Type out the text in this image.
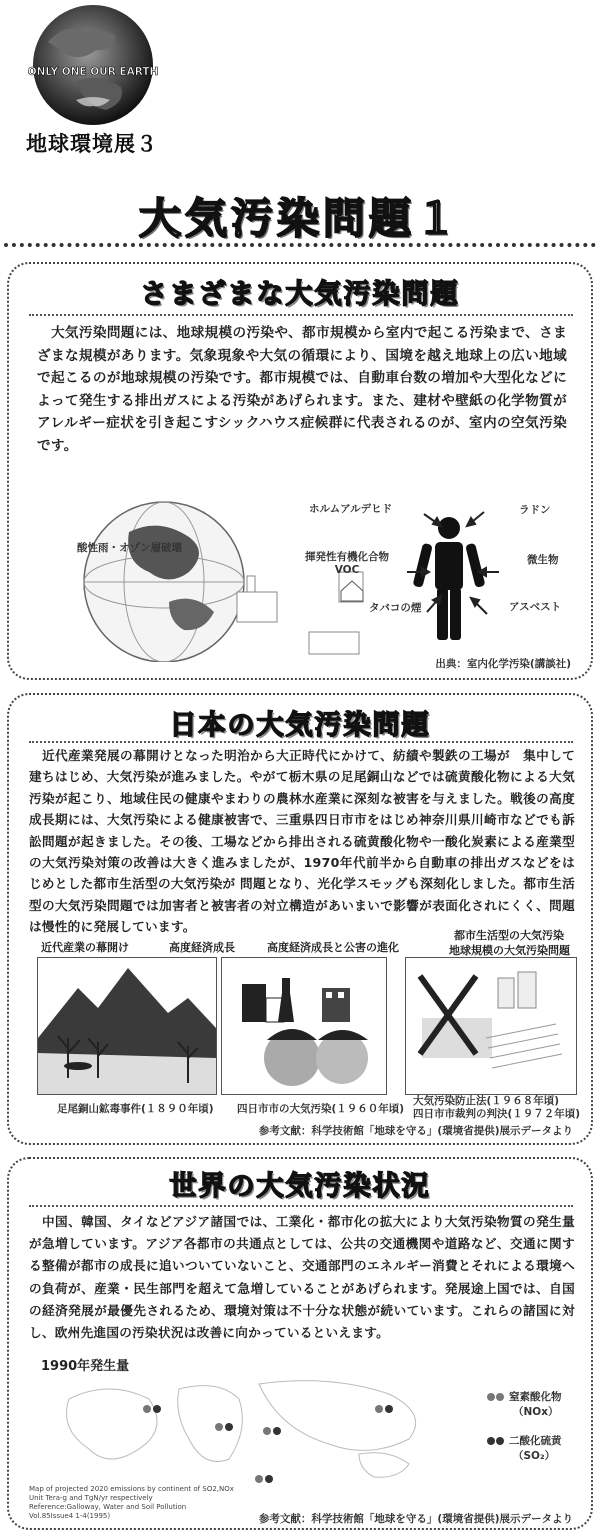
ONLY ONE OUR EARTH
地球環境展３
大気汚染問題１
さまざまな大気汚染問題
　大気汚染問題には、地球規模の汚染や、都市規模から室内で起こる汚染まで、さまざまな規模があります。気象現象や大気の循環により、国境を越え地球上の広い地域で起こるのが地球規模の汚染です。都市規模では、自動車台数の増加や大型化などによって発生する排出ガスによる汚染があげられます。また、建材や壁紙の化学物質がアレルギー症状を引き起こすシックハウス症候群に代表されるのが、室内の空気汚染です。
酸性雨・オゾン層破壊
ホルムアルデヒド	ラドン
揮発性有機化合物
VOC
微生物
タバコの煙	アスベスト
出典：室内化学汚染(講談社)
日本の大気汚染問題
　近代産業発展の幕開けとなった明治から大正時代にかけて、紡績や製鉄の工場が　集中して建ちはじめ、大気汚染が進みました。やがて栃木県の足尾銅山などでは硫黄酸化物による大気汚染が起こり、地域住民の健康やまわりの農林水産業に深刻な被害を与えました。戦後の高度成長期には、大気汚染による健康被害で、三重県四日市市をはじめ神奈川県川崎市などでも訴訟問題が起きました。その後、工場などから排出される硫黄酸化物や一酸化炭素による産業型の大気汚染対策の改善は大きく進みましたが、1970年代前半から自動車の排出ガスなどをはじめとした都市生活型の大気汚染が 問題となり、光化学スモッグも深刻化しました。都市生活型の大気汚染問題では加害者と被害者の対立構造があいまいで影響が表面化されにくく、問題は慢性的に発展しています。
近代産業の幕開け	高度経済成長	高度経済成長と公害の進化
都市生活型の大気汚染
地球規模の大気汚染問題
足尾銅山鉱毒事件(１８９０年頃) 四日市市の大気汚染(１９６０年頃)
大気汚染防止法(１９６８年頃)
四日市市裁判の判決(１９７２年頃)
参考文献：科学技術館「地球を守る」(環境省提供)展示データより
世界の大気汚染状況
　中国、韓国、タイなどアジア諸国では、工業化・都市化の拡大により大気汚染物質の発生量が急増しています。アジア各都市の共通点としては、公共の交通機関や道路など、交通に関する整備が都市の成長に追いついていないこと、交通部門のエネルギー消費とそれによる環境への負荷が、産業・民生部門を超えて急増していることがあげられます。発展途上国では、自国の経済発展が最優先されるため、環境対策は不十分な状態が続いています。これらの諸国に対し、欧州先進国の汚染状況は改善に向かっているといえます。
1990年発生量
窒素酸化物
（NOx）
二酸化硫黄
（SO₂）
Map of projected 2020 emissions by continent of SO2,NOx Unit Tera-g and TgN/yr respectively
Reference:Galloway, Water and Soil Pollution
Vol.85Issue4 1-4(1995)	参考文献：科学技術館「地球を守る」(環境省提供)展示データより
